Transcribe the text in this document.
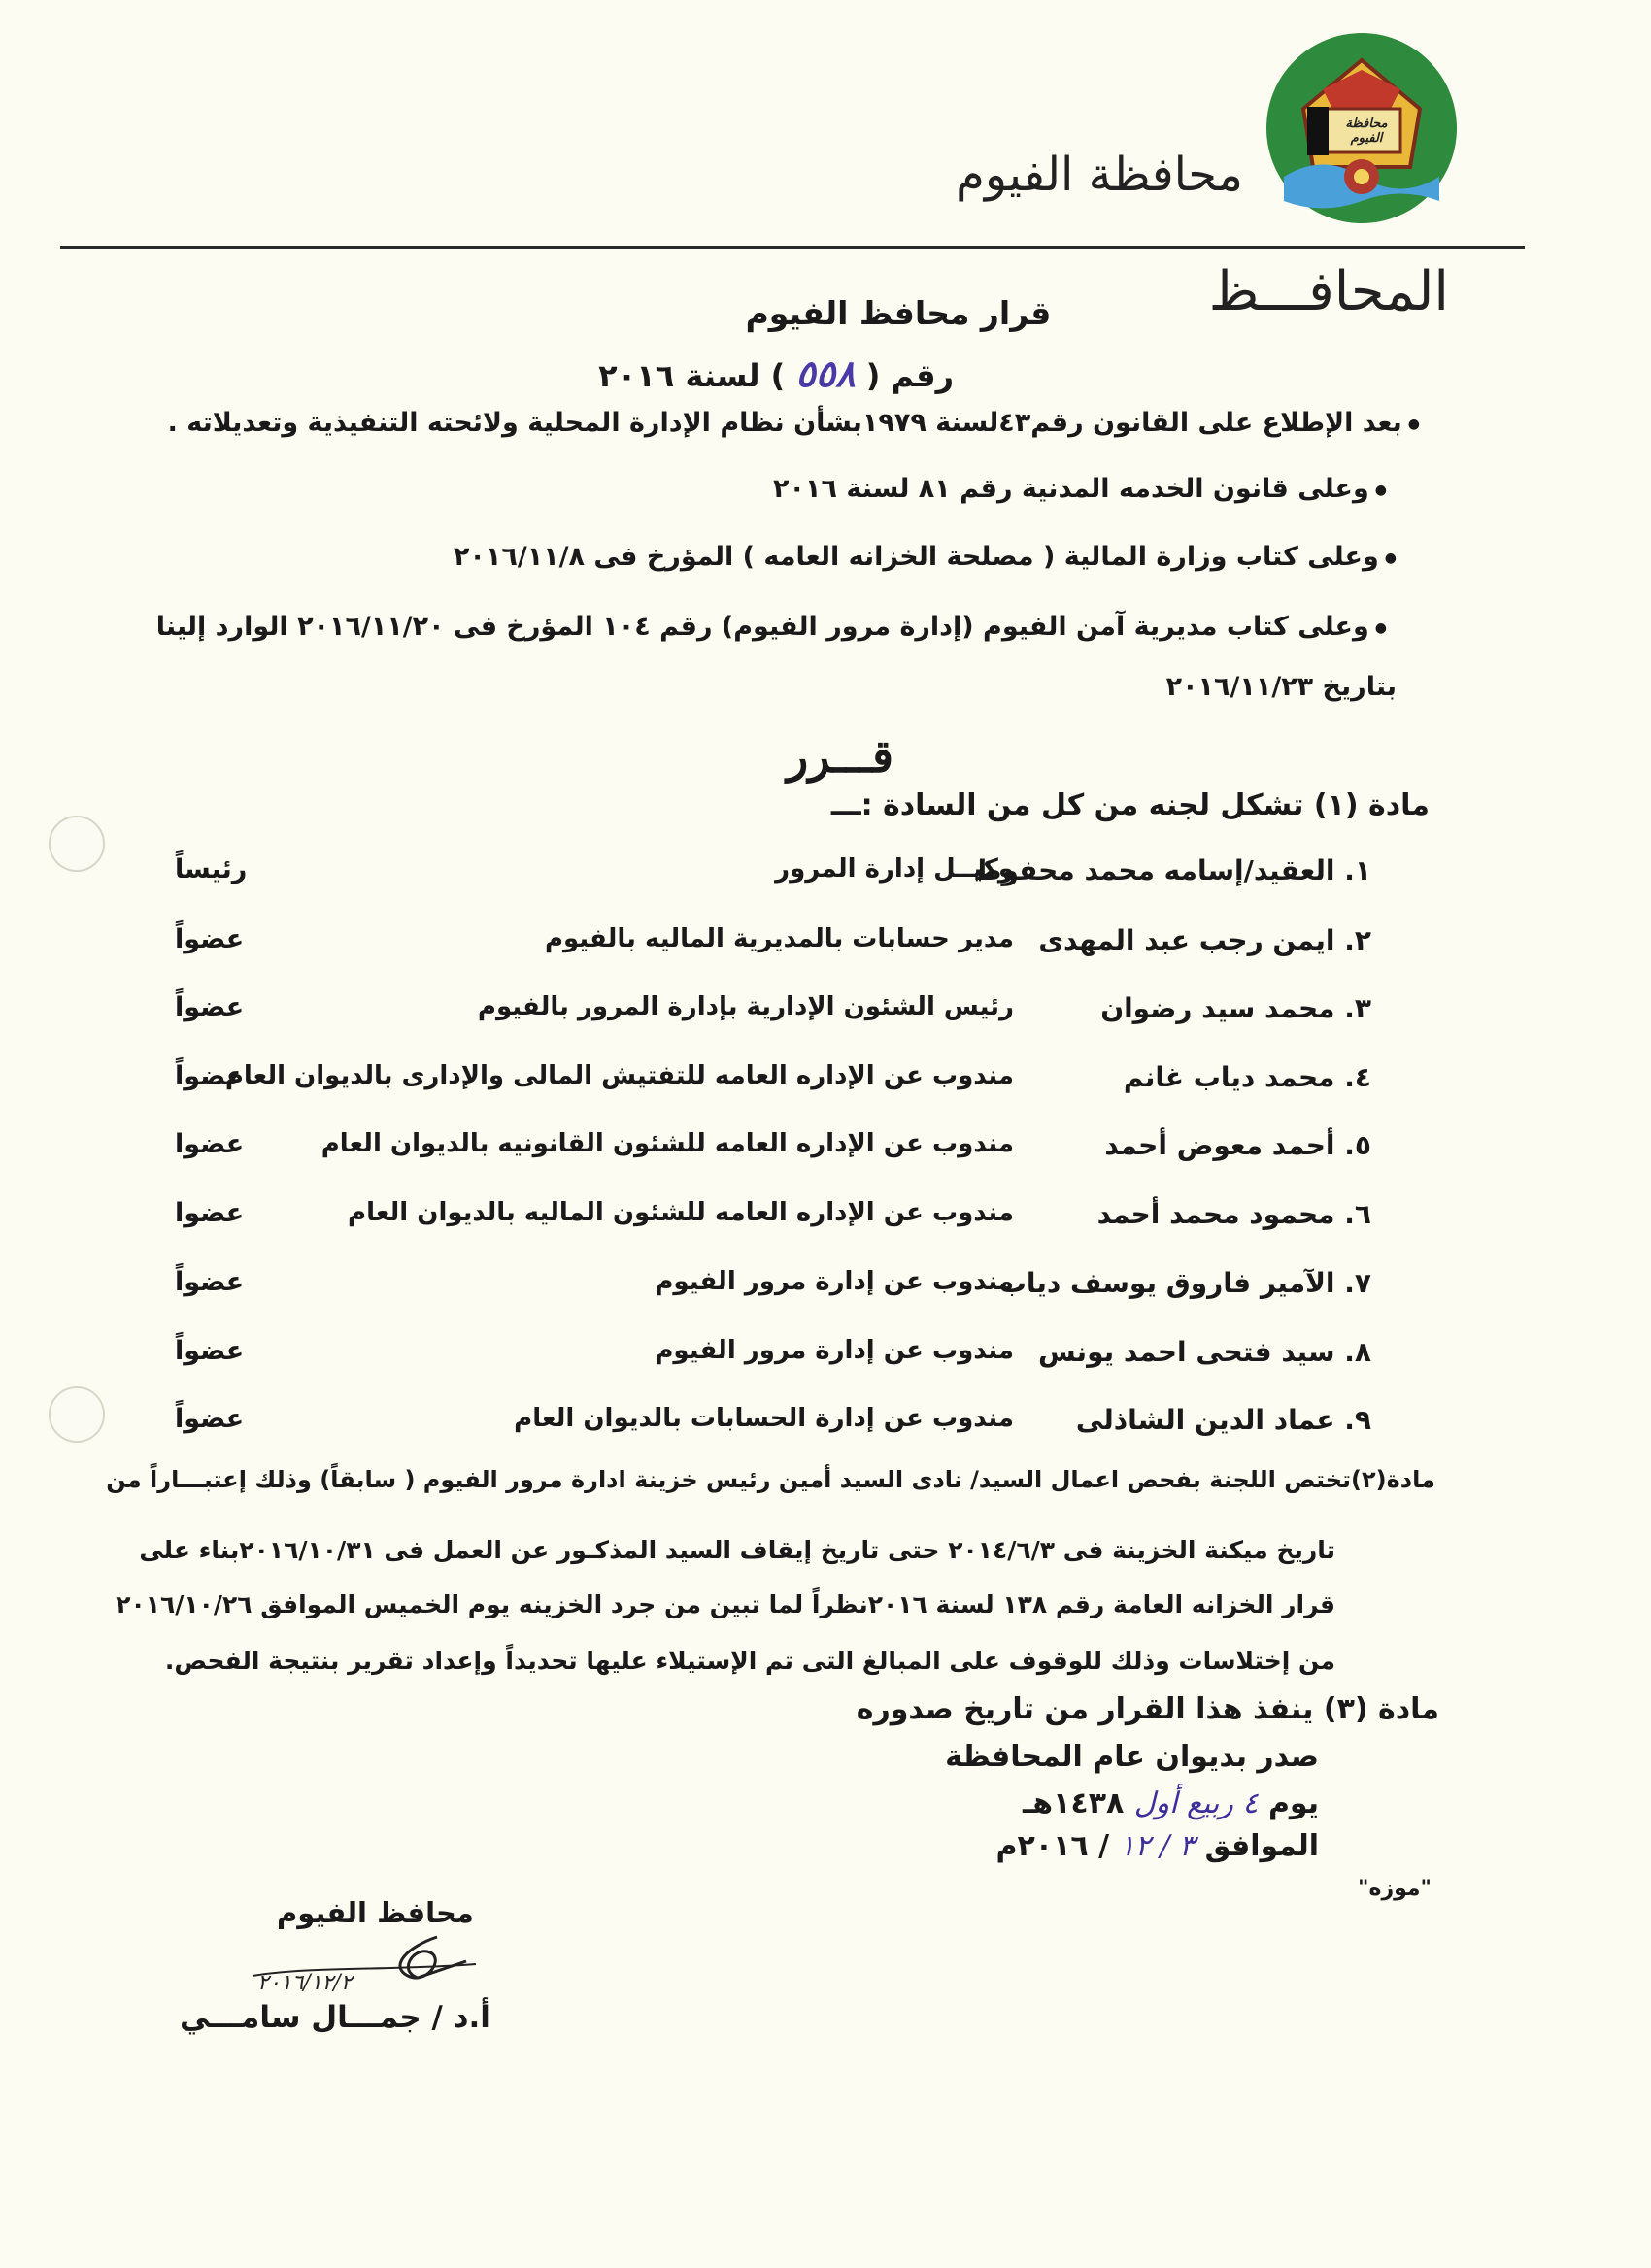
محافظة الفيوم
محافظة الفيوم
المحافـــظ
قرار محافظ الفيوم
رقم ( ٥٥٨ ) لسنة ٢٠١٦
●بعد الإطلاع على القانون رقم٤٣لسنة ١٩٧٩بشأن نظام الإدارة المحلية ولائحته التنفيذية وتعديلاته .
●وعلى قانون الخدمه المدنية رقم ٨١ لسنة ٢٠١٦
●وعلى كتاب وزارة المالية ( مصلحة الخزانه العامه ) المؤرخ فى ٢٠١٦/١١/٨
●وعلى كتاب مديرية آمن الفيوم (إدارة مرور الفيوم) رقم ١٠٤ المؤرخ فى ٢٠١٦/١١/٢٠ الوارد إلينا
بتاريخ ٢٠١٦/١١/٢٣
قـــرر
مادة (١) تشكل لجنه من كل من السادة :ـــ
١. العقيد/إسامه محمد محفوظ
وكيــل إدارة المرور
رئيساً
٢. ايمن رجب عبد المهدى
مدير حسابات بالمديرية الماليه بالفيوم
عضواً
٣. محمد سيد رضوان
رئيس الشئون الإدارية بإدارة المرور بالفيوم
عضواً
٤. محمد دياب غانم
مندوب عن الإداره العامه للتفتيش المالى والإدارى بالديوان العام
عضواً
٥. أحمد معوض أحمد
مندوب عن الإداره العامه للشئون القانونيه بالديوان العام
عضوا
٦. محمود محمد أحمد
مندوب عن الإداره العامه للشئون الماليه بالديوان العام
عضوا
٧. الآمير فاروق يوسف دياب
مندوب عن إدارة مرور الفيوم
عضواً
٨. سيد فتحى احمد يونس
مندوب عن إدارة مرور الفيوم
عضواً
٩. عماد الدين الشاذلى
مندوب عن إدارة الحسابات بالديوان العام
عضواً
مادة(٢)تختص اللجنة بفحص اعمال السيد/ نادى السيد أمين رئيس خزينة ادارة مرور الفيوم ( سابقاً) وذلك إعتبـــاراً من
تاريخ ميكنة الخزينة فى ٢٠١٤/٦/٣ حتى تاريخ إيقاف السيد المذكـور عن العمل فى ٢٠١٦/١٠/٣١بناء على
قرار الخزانه العامة رقم ١٣٨ لسنة ٢٠١٦نظراً لما تبين من جرد الخزينه يوم الخميس الموافق ٢٠١٦/١٠/٢٦
من إختلاسات وذلك للوقوف على المبالغ التى تم الإستيلاء عليها تحديداً وإعداد تقرير بنتيجة الفحص.
مادة (٣) ينفذ هذا القرار من تاريخ صدوره
صدر بديوان عام المحافظة
يوم ٤ ربيع أول ١٤٣٨هـ
الموافق ٣ / ١٢ / ٢٠١٦م
"موزه"
محافظ الفيوم
٢٠١٦/١٢/٢
أ.د / جمـــال سامـــي
